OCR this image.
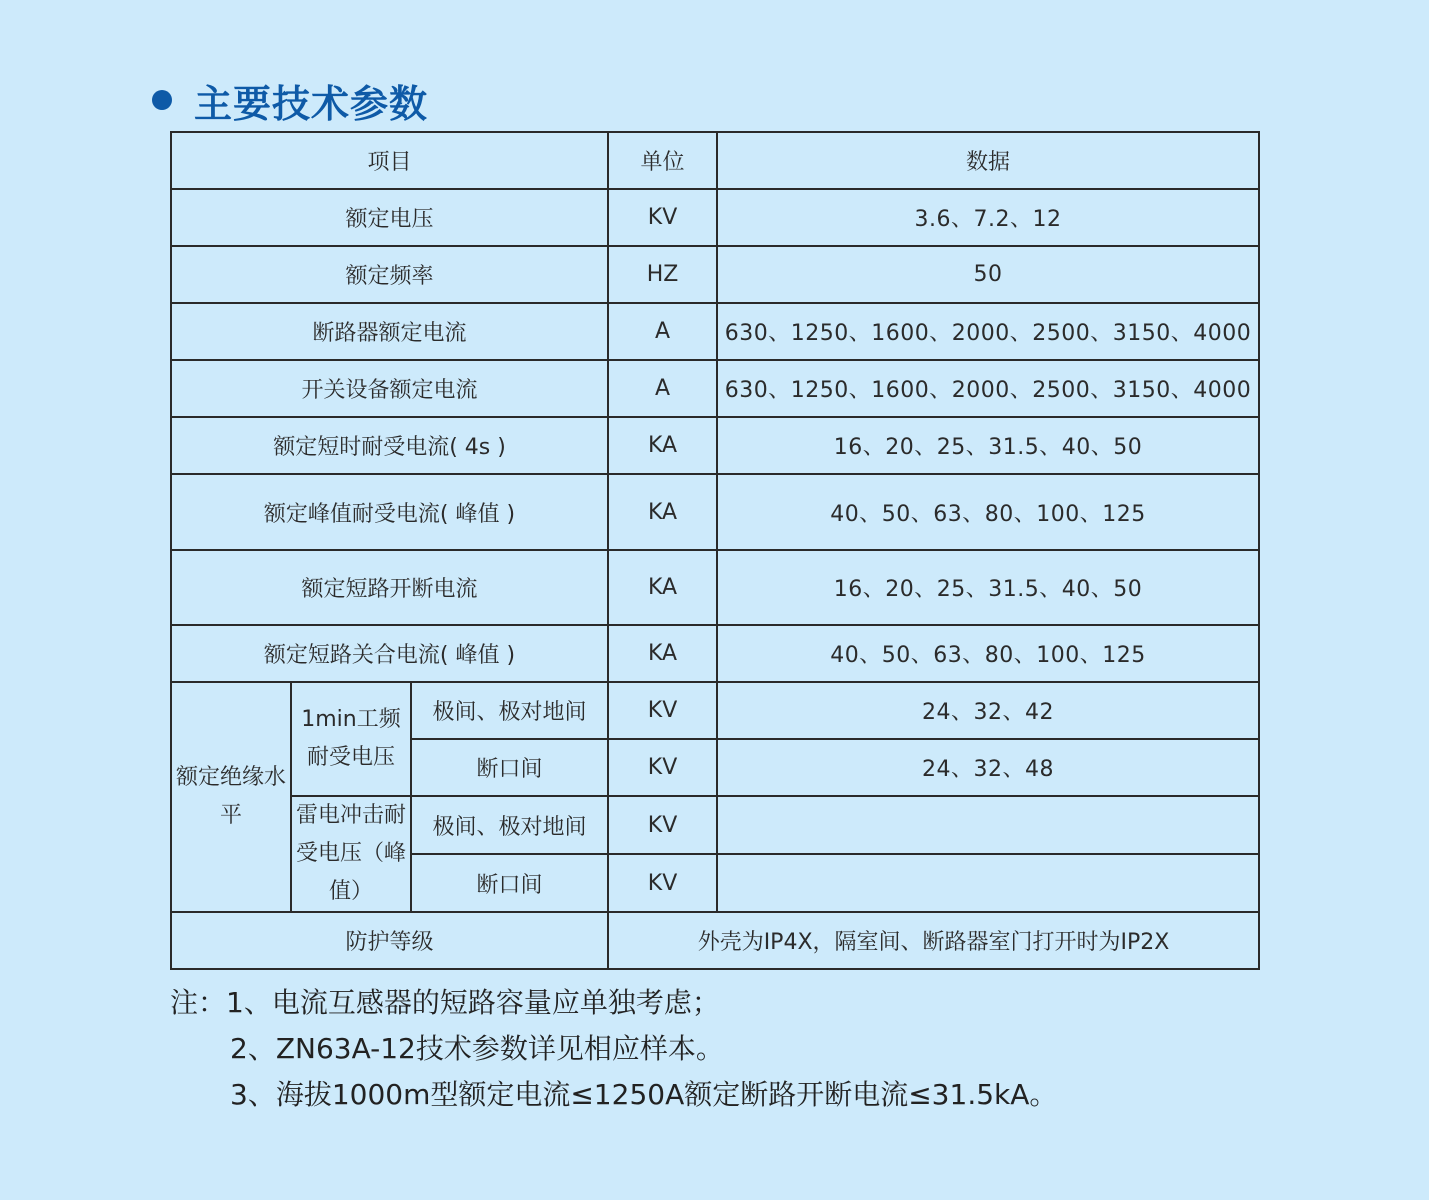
主要技术参数
项目			单位	数据
额定电压			KV	3.6、7.2、12
额定频率			HZ	50
断路器额定电流			A	630、1250、1600、2000、2500、3150、4000
开关设备额定电流			A	630、1250、1600、2000、2500、3150、4000
额定短时耐受电流( 4s )			KA	16、20、25、31.5、40、50
额定峰值耐受电流( 峰值 )			KA	40、50、63、80、100、125
额定短路开断电流			KA	16、20、25、31.5、40、50
额定短路关合电流( 峰值 )			KA	40、50、63、80、100、125
额定绝缘水平	1min工频耐受电压	极间、极对地间	KV	24、32、42
		断口间	KV	24、32、48
	雷电冲击耐受电压（峰值）	极间、极对地间	KV	
		断口间	KV	
防护等级			外壳为IP4X，隔室间、断路器室门打开时为IP2X	
注：1、电流互感器的短路容量应单独考虑；
2、ZN63A-12技术参数详见相应样本。
3、海拔1000m型额定电流≤1250A额定断路开断电流≤31.5kA。
